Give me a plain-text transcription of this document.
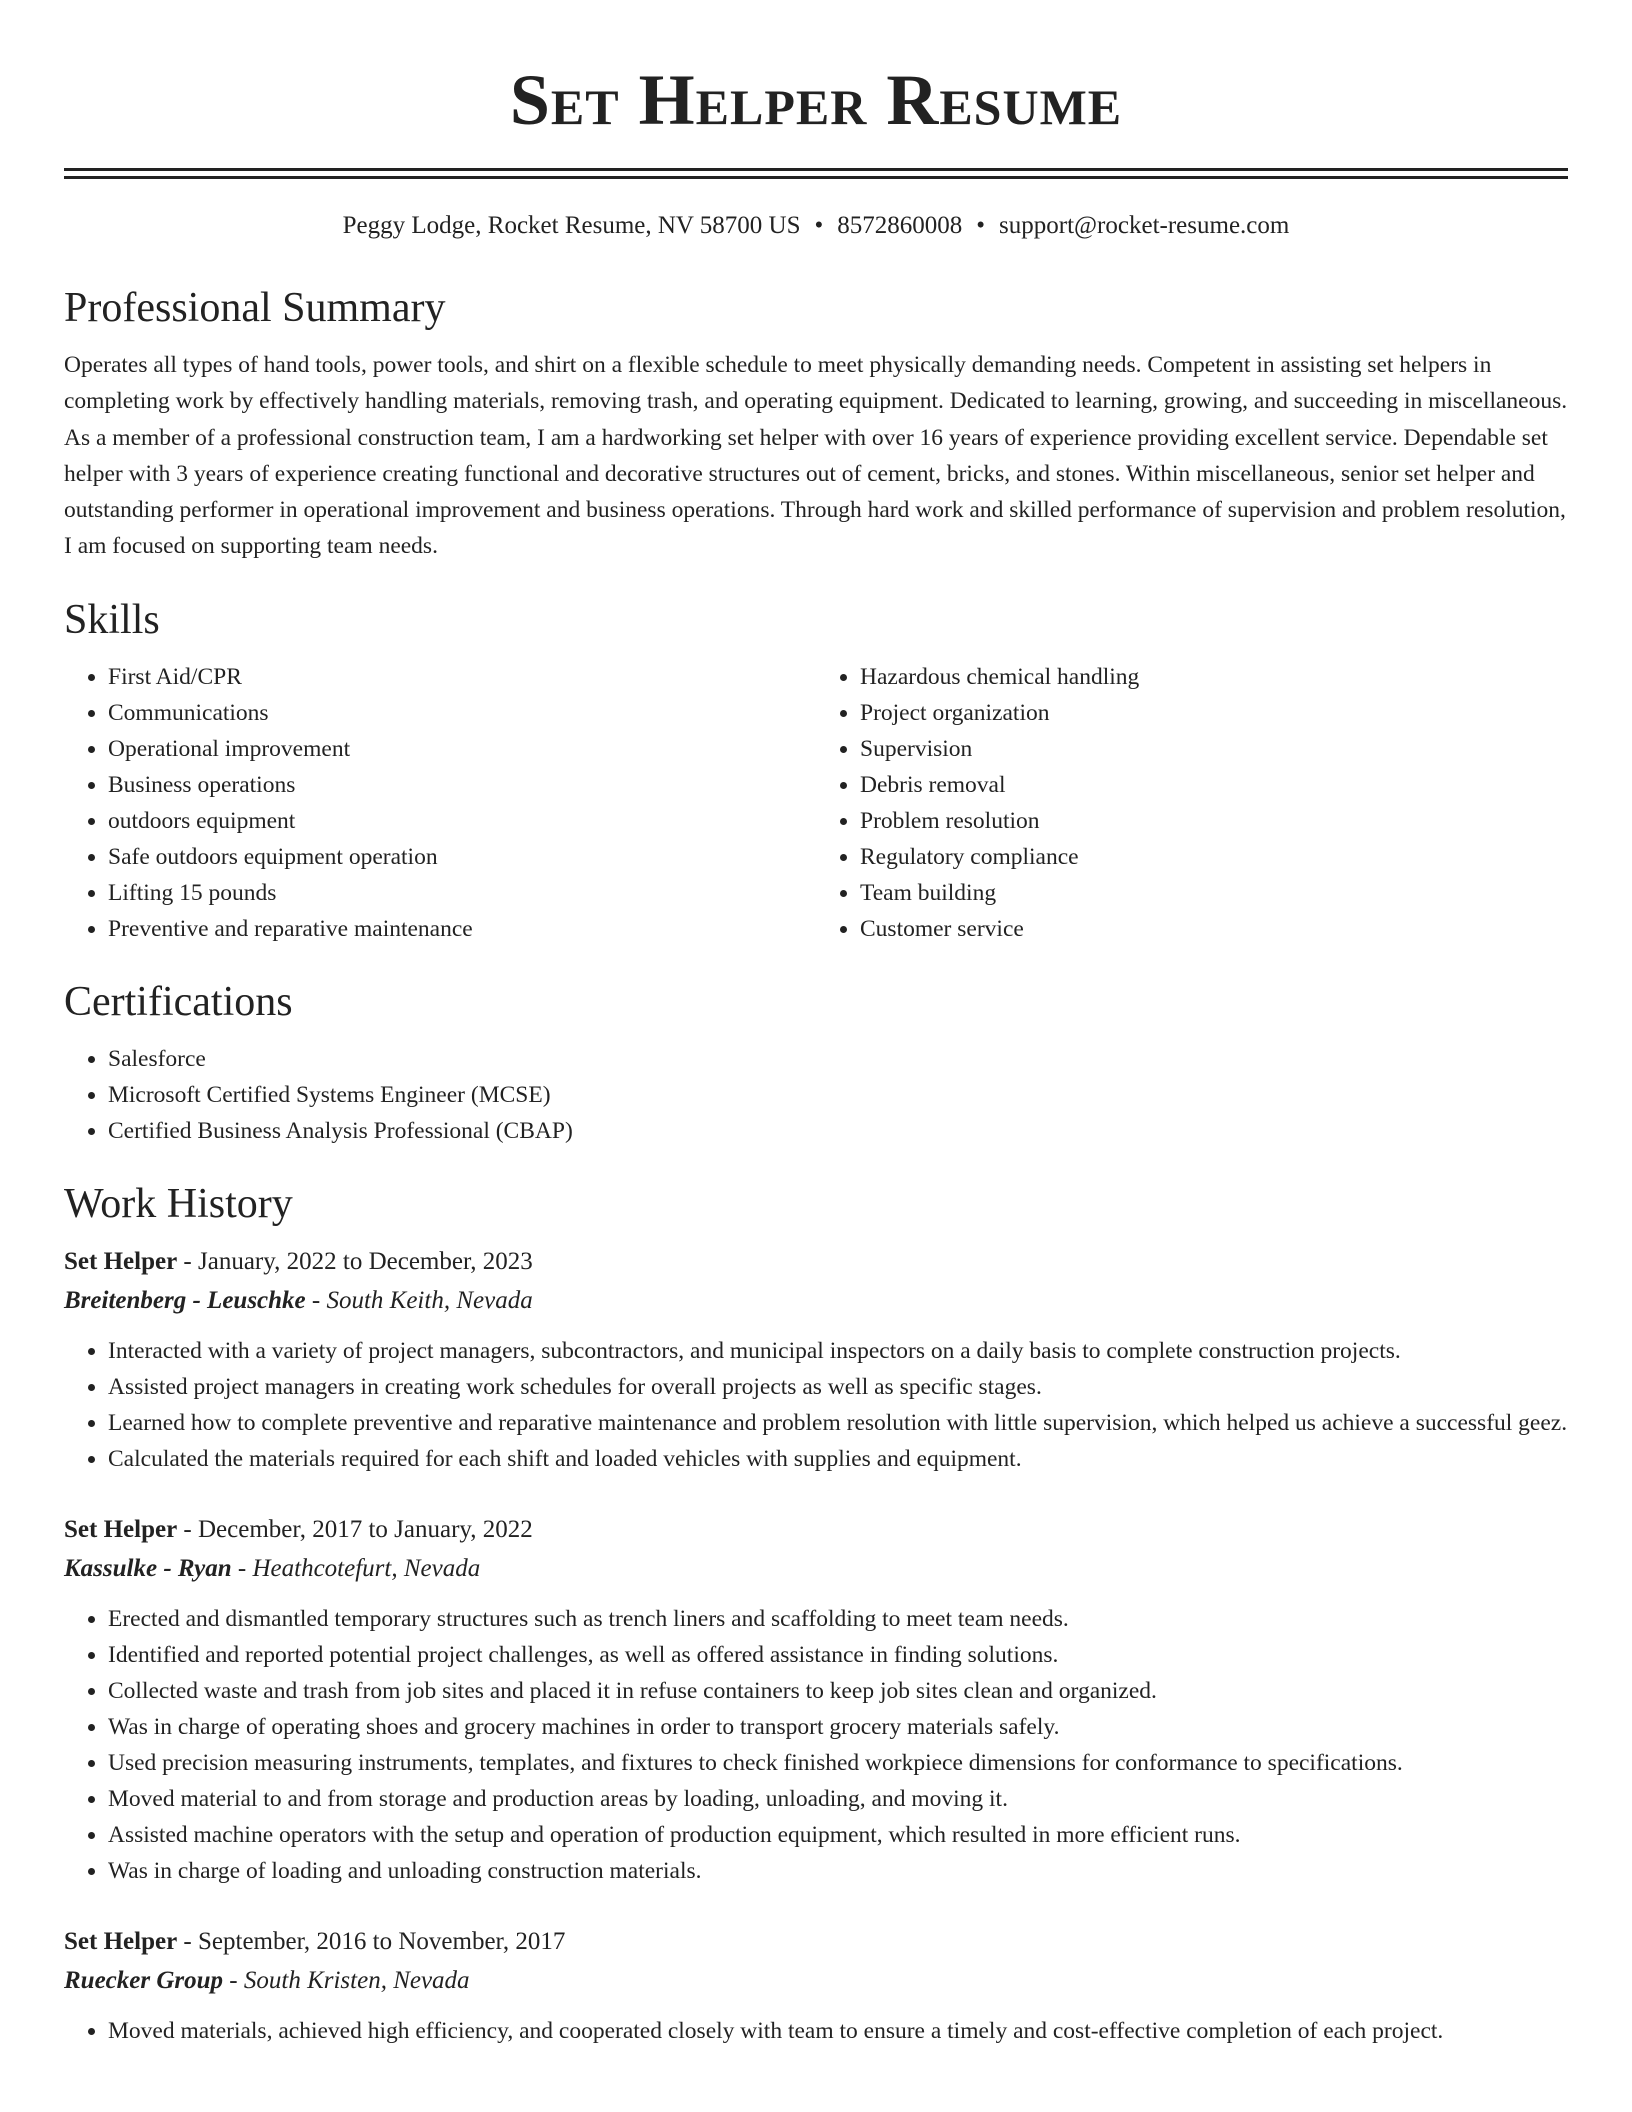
Set Helper Resume
Peggy Lodge, Rocket Resume, NV 58700 US • 8572860008 • support@rocket-resume.com
Professional Summary

Operates all types of hand tools, power tools, and shirt on a flexible schedule to meet physically demanding needs. Competent in assisting set helpers in completing work by effectively handling materials, removing trash, and operating equipment. Dedicated to learning, growing, and succeeding in miscellaneous. As a member of a professional construction team, I am a hardworking set helper with over 16 years of experience providing excellent service. Dependable set helper with 3 years of experience creating functional and decorative structures out of cement, bricks, and stones. Within miscellaneous, senior set helper and outstanding performer in operational improvement and business operations. Through hard work and skilled performance of supervision and problem resolution, I am focused on supporting team needs.

Skills
• First Aid/CPR
• Communications
• Operational improvement
• Business operations
• outdoors equipment
• Safe outdoors equipment operation
• Lifting 15 pounds
• Preventive and reparative maintenance
• Hazardous chemical handling
• Project organization
• Supervision
• Debris removal
• Problem resolution
• Regulatory compliance
• Team building
• Customer service
Certifications
• Salesforce
• Microsoft Certified Systems Engineer (MCSE)
• Certified Business Analysis Professional (CBAP)
Work History
Set Helper - January, 2022 to December, 2023
Breitenberg - Leuschke - South Keith, Nevada
• Interacted with a variety of project managers, subcontractors, and municipal inspectors on a daily basis to complete construction projects.
• Assisted project managers in creating work schedules for overall projects as well as specific stages.
• Learned how to complete preventive and reparative maintenance and problem resolution with little supervision, which helped us achieve a successful geez.
• Calculated the materials required for each shift and loaded vehicles with supplies and equipment.
Set Helper - December, 2017 to January, 2022
Kassulke - Ryan - Heathcotefurt, Nevada
• Erected and dismantled temporary structures such as trench liners and scaffolding to meet team needs.
• Identified and reported potential project challenges, as well as offered assistance in finding solutions.
• Collected waste and trash from job sites and placed it in refuse containers to keep job sites clean and organized.
• Was in charge of operating shoes and grocery machines in order to transport grocery materials safely.
• Used precision measuring instruments, templates, and fixtures to check finished workpiece dimensions for conformance to specifications.
• Moved material to and from storage and production areas by loading, unloading, and moving it.
• Assisted machine operators with the setup and operation of production equipment, which resulted in more efficient runs.
• Was in charge of loading and unloading construction materials.
Set Helper - September, 2016 to November, 2017
Ruecker Group - South Kristen, Nevada
• Moved materials, achieved high efficiency, and cooperated closely with team to ensure a timely and cost-effective completion of each project.
